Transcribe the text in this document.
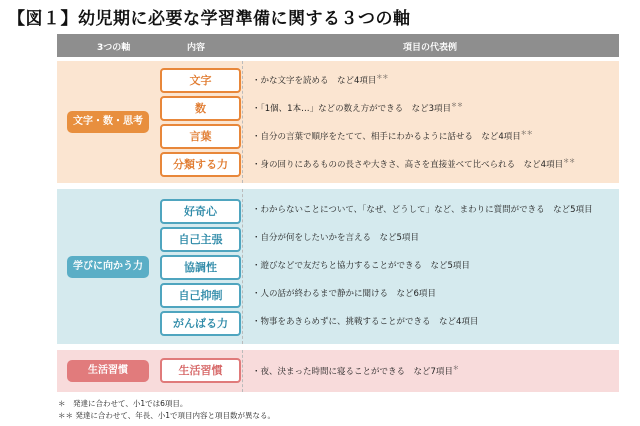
【図１】幼児期に必要な学習準備に関する３つの軸
3つの軸	内容	項目の代表例
文字・数・思考
文字	・かな文字を読める　など4項目＊＊
数	・「1個、1本…」などの数え方ができる　など3項目＊＊
言葉	・自分の言葉で順序をたてて、相手にわかるように話せる　など4項目＊＊
分類する力	・身の回りにあるものの長さや大きさ、高さを直接並べて比べられる　など4項目＊＊
学びに向かう力
好奇心	・わからないことについて、「なぜ、どうして」など、まわりに質問ができる　など5項目
自己主張	・自分が何をしたいかを言える　など5項目
協調性	・遊びなどで友だちと協力することができる　など5項目
自己抑制	・人の話が終わるまで静かに聞ける　など6項目
がんばる力	・物事をあきらめずに、挑戦することができる　など4項目
生活習慣	生活習慣	・夜、決まった時間に寝ることができる　など7項目＊
＊　発達に合わせて、小1では6項目。
＊＊ 発達に合わせて、年長、小1で項目内容と項目数が異なる。
